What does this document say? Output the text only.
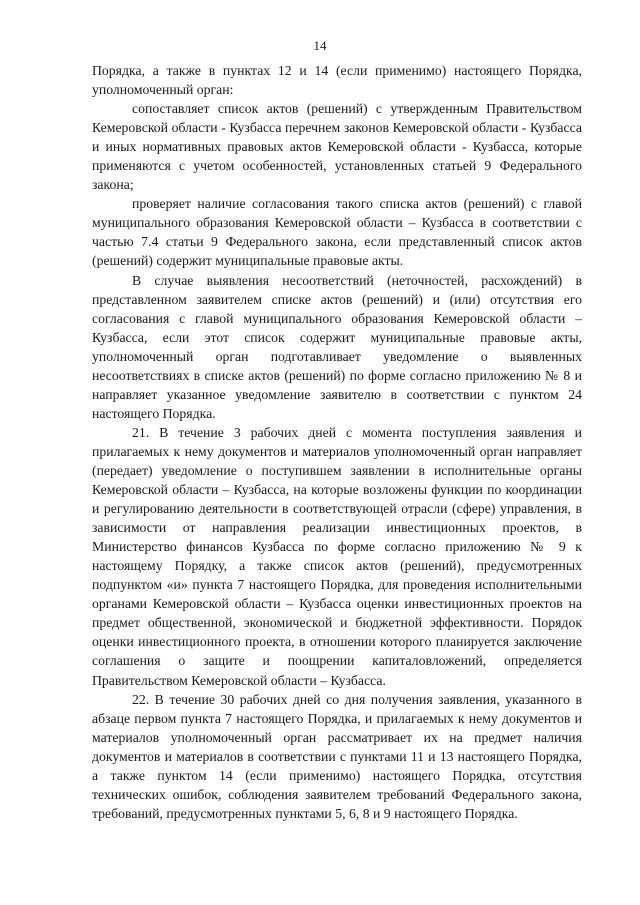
14

Порядка, а также в пунктах 12 и 14 (если применимо) настоящего Порядка, уполномоченный орган:

сопоставляет список актов (решений) с утвержденным Правительством Кемеровской области - Кузбасса перечнем законов Кемеровской области - Кузбасса и иных нормативных правовых актов Кемеровской области - Кузбасса, которые применяются с учетом особенностей, установленных статьей 9 Федерального закона;

проверяет наличие согласования такого списка актов (решений) с главой муниципального образования Кемеровской области – Кузбасса в соответствии с частью 7.4 статьи 9 Федерального закона, если представленный список актов (решений) содержит муниципальные правовые акты.

В случае выявления несоответствий (неточностей, расхождений) в представленном заявителем списке актов (решений) и (или) отсутствия его согласования с главой муниципального образования Кемеровской области – Кузбасса, если этот список содержит муниципальные правовые акты, уполномоченный орган подготавливает уведомление о выявленных несоответствиях в списке актов (решений) по форме согласно приложению № 8 и направляет указанное уведомление заявителю в соответствии с пунктом 24 настоящего Порядка.

21. В течение 3 рабочих дней с момента поступления заявления и прилагаемых к нему документов и материалов уполномоченный орган направляет (передает) уведомление о поступившем заявлении в исполнительные органы Кемеровской области – Кузбасса, на которые возложены функции по координации и регулированию деятельности в соответствующей отрасли (сфере) управления, в зависимости от направления реализации инвестиционных проектов, в Министерство финансов Кузбасса по форме согласно приложению № 9 к настоящему Порядку, а также список актов (решений), предусмотренных подпунктом «и» пункта 7 настоящего Порядка, для проведения исполнительными органами Кемеровской области – Кузбасса оценки инвестиционных проектов на предмет общественной, экономической и бюджетной эффективности. Порядок оценки инвестиционного проекта, в отношении которого планируется заключение соглашения о защите и поощрении капиталовложений, определяется Правительством Кемеровской области – Кузбасса.

22. В течение 30 рабочих дней со дня получения заявления, указанного в абзаце первом пункта 7 настоящего Порядка, и прилагаемых к нему документов и материалов уполномоченный орган рассматривает их на предмет наличия документов и материалов в соответствии с пунктами 11 и 13 настоящего Порядка, а также пунктом 14 (если применимо) настоящего Порядка, отсутствия технических ошибок, соблюдения заявителем требований Федерального закона, требований, предусмотренных пунктами 5, 6, 8 и 9 настоящего Порядка.
